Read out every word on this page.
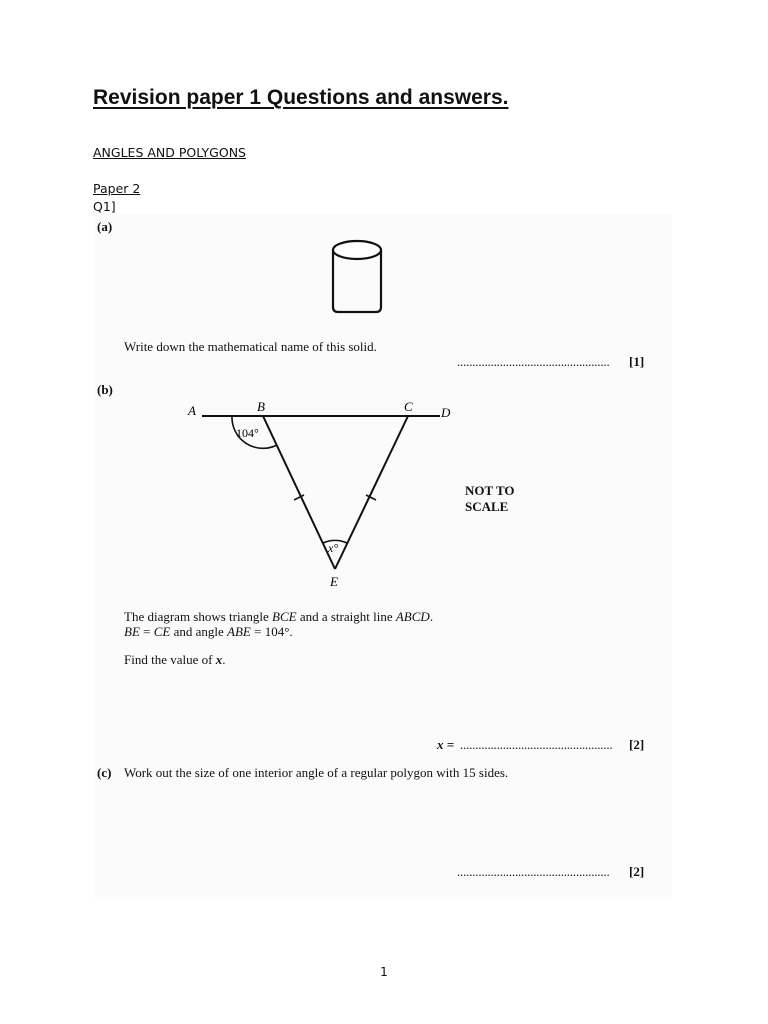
Revision paper 1 Questions and answers.
ANGLES AND POLYGONS
Paper 2
Q1]
(a)
Write down the mathematical name of this solid.
.................................................. [1]
(b)
A	B	C D
E
104°
x°
NOT TO
SCALE
The diagram shows triangle BCE and a straight line ABCD.
BE = CE and angle ABE = 104°.
Find the value of x.
x = .................................................. [2]
(c) Work out the size of one interior angle of a regular polygon with 15 sides.
.................................................. [2]
1
